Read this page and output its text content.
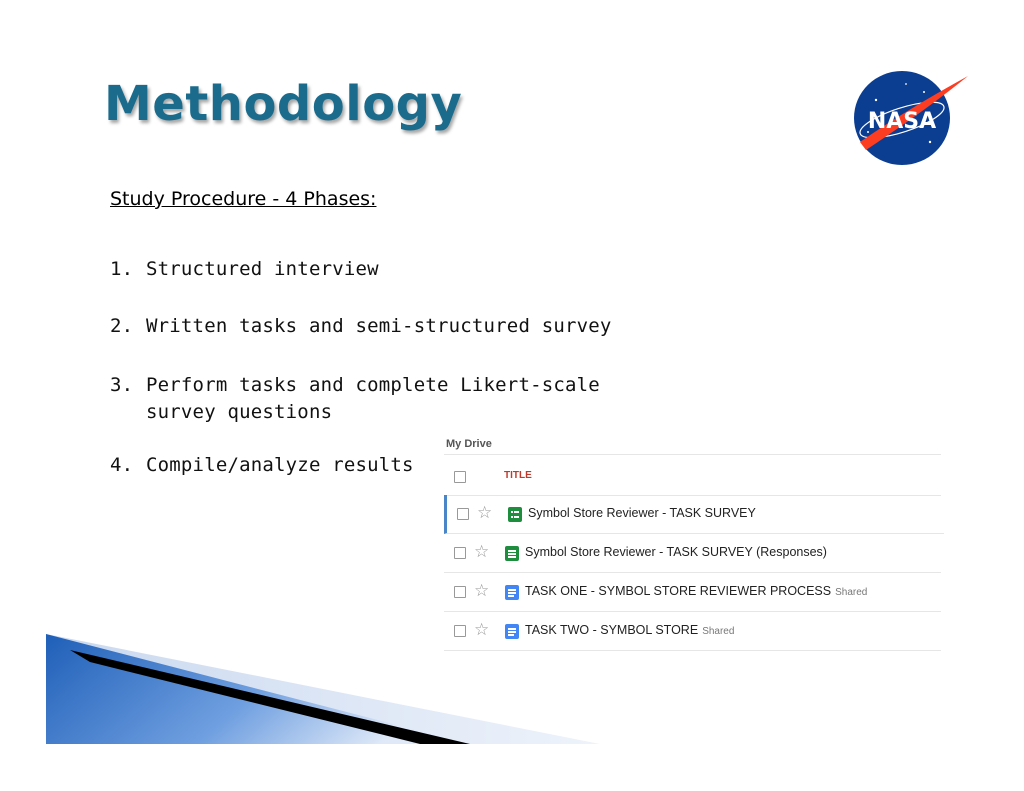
Methodology	NASA
Study Procedure - 4 Phases:
1. Structured interview
2. Written tasks and semi-structured survey
3. Perform tasks and complete Likert-scale
survey questions
4. Compile/analyze results
My Drive
TITLE
☆	Symbol Store Reviewer - TASK SURVEY
☆	Symbol Store Reviewer - TASK SURVEY (Responses)
☆	TASK ONE - SYMBOL STORE REVIEWER PROCESS Shared
☆	TASK TWO - SYMBOL STORE Shared
